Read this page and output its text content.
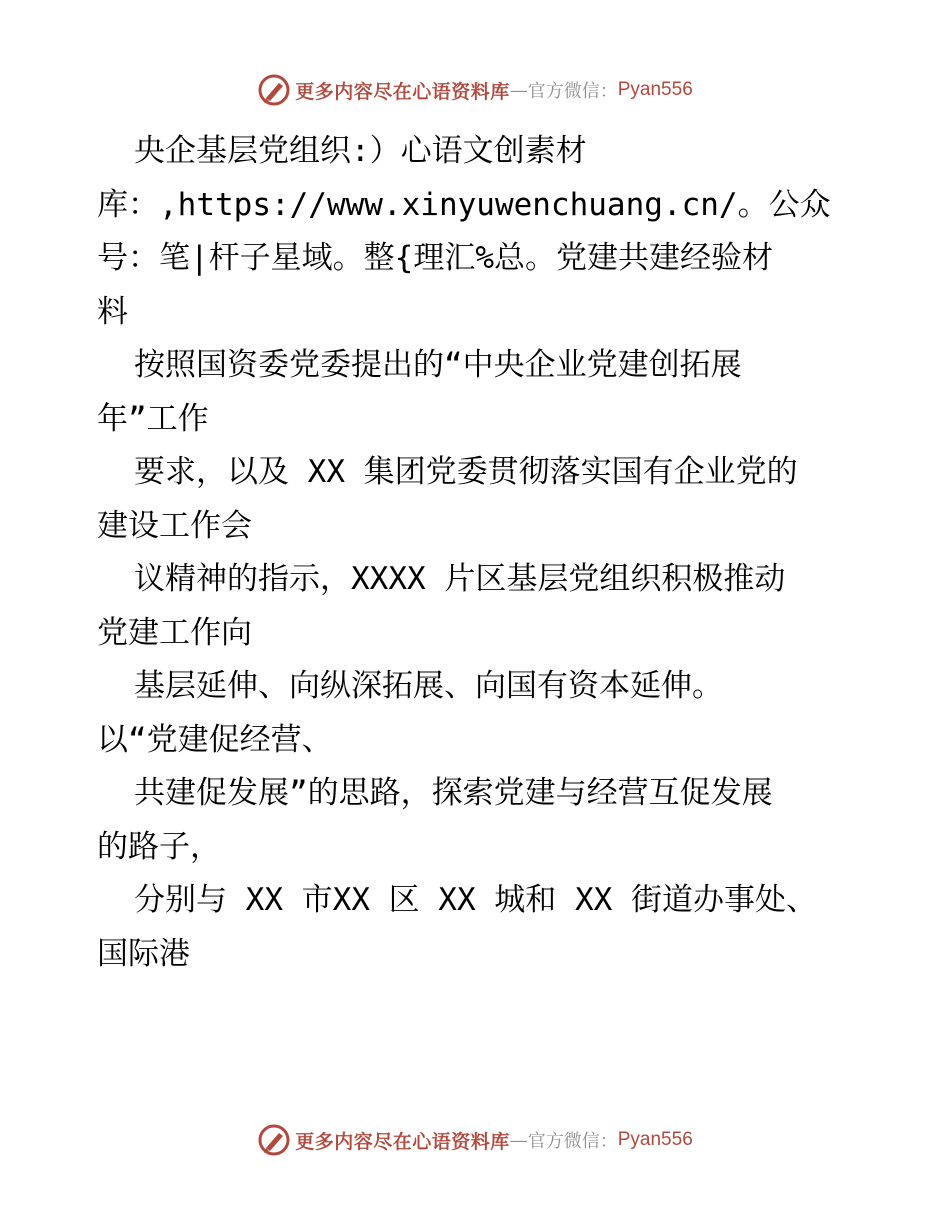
更多内容尽在心语资料库 — 官方微信： Pyan556
央企基层党组织:）心语文创素材
库：,https://www.xinyuwenchuang.cn/。公众
号：笔|杆子星域。整{理汇%总。党建共建经验材
料
按照国资委党委提出的“中央企业党建创拓展
年”工作
要求，以及 XX 集团党委贯彻落实国有企业党的
建设工作会
议精神的指示，XXXX 片区基层党组织积极推动
党建工作向
基层延伸、向纵深拓展、向国有资本延伸。
以“党建促经营、
共建促发展”的思路，探索党建与经营互促发展
的路子，
分别与 XX 市XX 区 XX 城和 XX 街道办事处、
国际港
更多内容尽在心语资料库 — 官方微信： Pyan556
